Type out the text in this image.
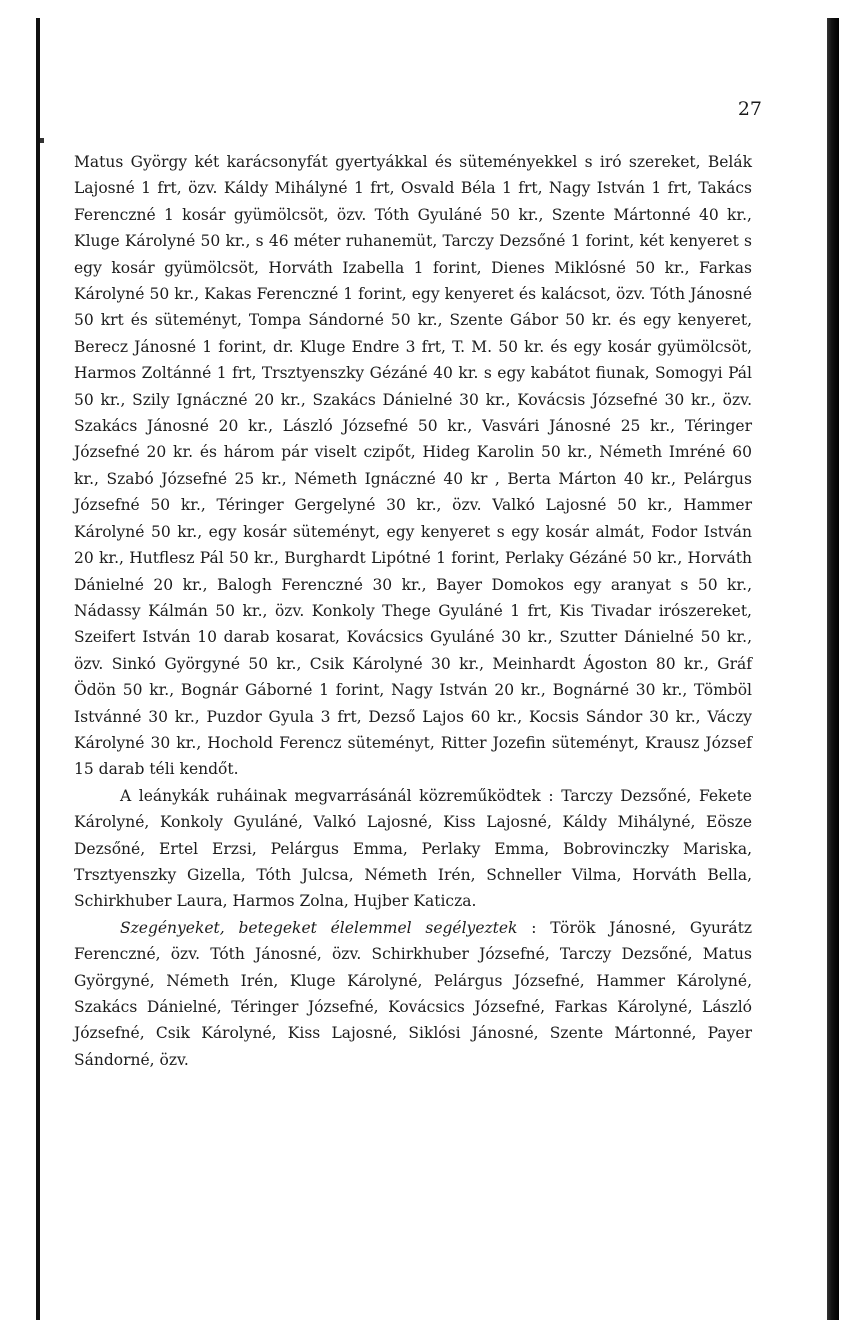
27

Matus György két karácsonyfát gyertyákkal és süteményekkel s iró szereket, Belák Lajosné 1 frt, özv. Káldy Mihályné 1 frt, Osvald Béla 1 frt, Nagy István 1 frt, Takács Ferenczné 1 kosár gyümölcsöt, özv. Tóth Gyuláné 50 kr., Szente Mártonné 40 kr., Kluge Károlyné 50 kr., s 46 méter ruhanemüt, Tarczy Dezsőné 1 forint, két kenyeret s egy kosár gyümölcsöt, Horváth Izabella 1 forint, Dienes Miklósné 50 kr., Farkas Károlyné 50 kr., Kakas Ferenczné 1 forint, egy kenyeret és kalácsot, özv. Tóth Jánosné 50 krt és süteményt, Tompa Sándorné 50 kr., Szente Gábor 50 kr. és egy kenyeret, Berecz Jánosné 1 forint, dr. Kluge Endre 3 frt, T. M. 50 kr. és egy kosár gyümölcsöt, Harmos Zoltánné 1 frt, Trsztyenszky Gézáné 40 kr. s egy kabátot fiunak, Somogyi Pál 50 kr., Szily Ignáczné 20 kr., Szakács Dánielné 30 kr., Kovácsis Józsefné 30 kr., özv. Szakács Jánosné 20 kr., László Józsefné 50 kr., Vasvári Jánosné 25 kr., Téringer Józsefné 20 kr. és három pár viselt czipőt, Hideg Karolin 50 kr., Németh Imréné 60 kr., Szabó Józsefné 25 kr., Németh Ignáczné 40 kr , Berta Márton 40 kr., Pelárgus Józsefné 50 kr., Téringer Gergelyné 30 kr., özv. Valkó Lajosné 50 kr., Hammer Károlyné 50 kr., egy kosár süteményt, egy kenyeret s egy kosár almát, Fodor István 20 kr., Hutflesz Pál 50 kr., Burghardt Lipótné 1 forint, Perlaky Gézáné 50 kr., Horváth Dánielné 20 kr., Balogh Ferenczné 30 kr., Bayer Domokos egy aranyat s 50 kr., Nádassy Kálmán 50 kr., özv. Konkoly Thege Gyuláné 1 frt, Kis Tivadar irószereket, Szeifert István 10 darab kosarat, Kovácsics Gyuláné 30 kr., Szutter Dánielné 50 kr., özv. Sinkó Györgyné 50 kr., Csik Károlyné 30 kr., Meinhardt Ágoston 80 kr., Gráf Ödön 50 kr., Bognár Gáborné 1 forint, Nagy István 20 kr., Bognárné 30 kr., Tömböl Istvánné 30 kr., Puzdor Gyula 3 frt, Dezső Lajos 60 kr., Kocsis Sándor 30 kr., Váczy Károlyné 30 kr., Hochold Ferencz süteményt, Ritter Jozefin süteményt, Krausz József 15 darab téli kendőt.

A leánykák ruháinak megvarrásánál közreműködtek : Tarczy Dezsőné, Fekete Károlyné, Konkoly Gyuláné, Valkó Lajosné, Kiss Lajosné, Káldy Mihályné, Eösze Dezsőné, Ertel Erzsi, Pelárgus Emma, Perlaky Emma, Bobrovinczky Mariska, Trsztyenszky Gizella, Tóth Julcsa, Németh Irén, Schneller Vilma, Horváth Bella, Schirkhuber Laura, Harmos Zolna, Hujber Katicza.

Szegényeket, betegeket élelemmel segélyeztek : Török Jánosné, Gyurátz Ferenczné, özv. Tóth Jánosné, özv. Schirkhuber Józsefné, Tarczy Dezsőné, Matus Györgyné, Németh Irén, Kluge Károlyné, Pelárgus Józsefné, Hammer Károlyné, Szakács Dánielné, Téringer Józsefné, Kovácsics Józsefné, Farkas Károlyné, László Józsefné, Csik Károlyné, Kiss Lajosné, Siklósi Jánosné, Szente Mártonné, Payer Sándorné, özv.
